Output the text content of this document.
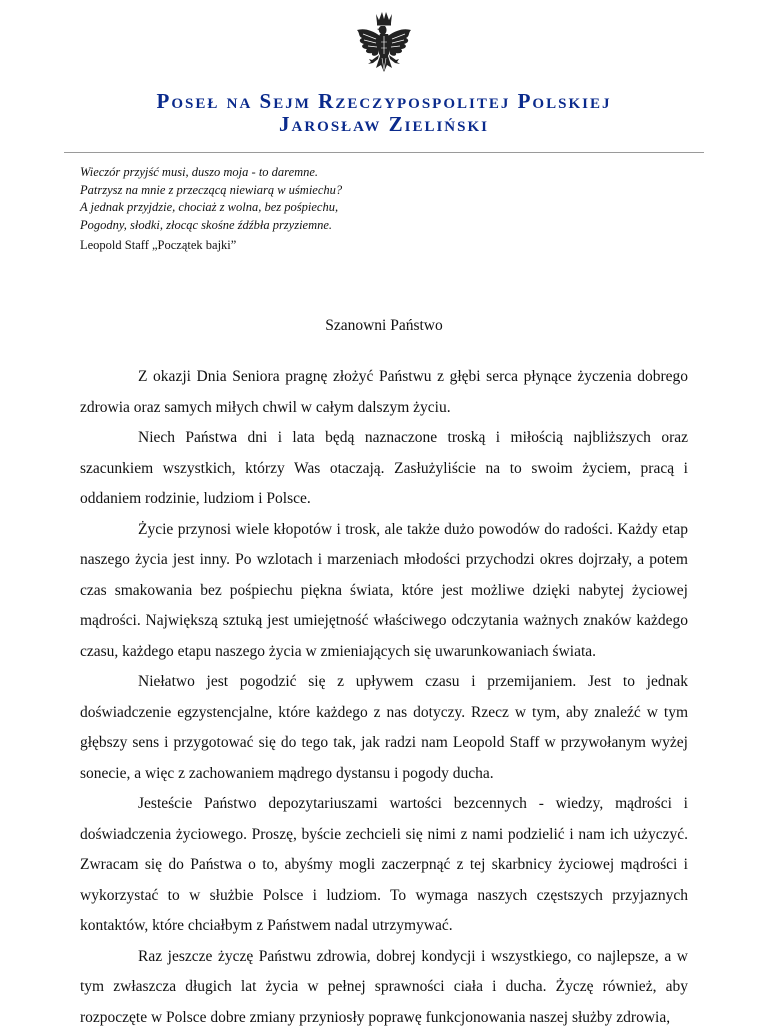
Poseł na Sejm Rzeczypospolitej Polskiej
Jarosław Zieliński
Wieczór przyjść musi, duszo moja - to daremne.
Patrzysz na mnie z przeczącą niewiarą w uśmiechu?
A jednak przyjdzie, chociaż z wolna, bez pośpiechu,
Pogodny, słodki, złocąc skośne źdźbła przyziemne.
Leopold Staff „Początek bajki”
Szanowni Państwo

Z okazji Dnia Seniora pragnę złożyć Państwu z głębi serca płynące życzenia dobrego zdrowia oraz samych miłych chwil w całym dalszym życiu.

Niech Państwa dni i lata będą naznaczone troską i miłością najbliższych oraz szacunkiem wszystkich, którzy Was otaczają. Zasłużyliście na to swoim życiem, pracą i oddaniem rodzinie, ludziom i Polsce.

Życie przynosi wiele kłopotów i trosk, ale także dużo powodów do radości. Każdy etap naszego życia jest inny. Po wzlotach i marzeniach młodości przychodzi okres dojrzały, a potem czas smakowania bez pośpiechu piękna świata, które jest możliwe dzięki nabytej życiowej mądrości. Największą sztuką jest umiejętność właściwego odczytania ważnych znaków każdego czasu, każdego etapu naszego życia w zmieniających się uwarunkowaniach świata.

Niełatwo jest pogodzić się z upływem czasu i przemijaniem. Jest to jednak doświadczenie egzystencjalne, które każdego z nas dotyczy. Rzecz w tym, aby znaleźć w tym głębszy sens i przygotować się do tego tak, jak radzi nam Leopold Staff w przywołanym wyżej sonecie, a więc z zachowaniem mądrego dystansu i pogody ducha.

Jesteście Państwo depozytariuszami wartości bezcennych - wiedzy, mądrości i doświadczenia życiowego. Proszę, byście zechcieli się nimi z nami podzielić i nam ich użyczyć. Zwracam się do Państwa o to, abyśmy mogli zaczerpnąć z tej skarbnicy życiowej mądrości i wykorzystać to w służbie Polsce i ludziom. To wymaga naszych częstszych przyjaznych kontaktów, które chciałbym z Państwem nadal utrzymywać.

Raz jeszcze życzę Państwu zdrowia, dobrej kondycji i wszystkiego, co najlepsze, a w tym zwłaszcza długich lat życia w pełnej sprawności ciała i ducha. Życzę również, aby rozpoczęte w Polsce dobre zmiany przyniosły poprawę funkcjonowania naszej służby zdrowia,
